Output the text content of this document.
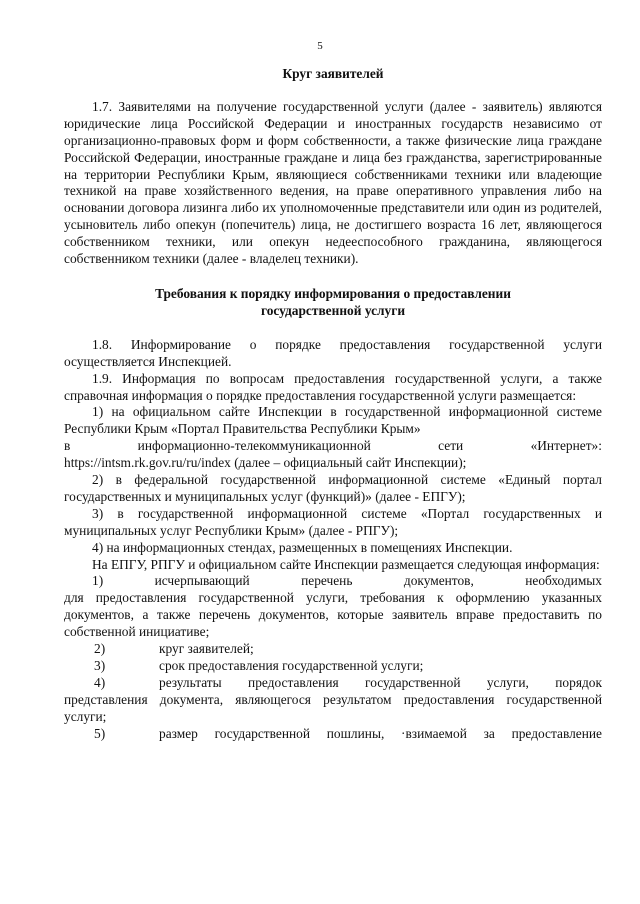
5

Круг заявителей

1.7. Заявителями на получение государственной услуги (далее - заявитель) являются юридические лица Российской Федерации и иностранных государств независимо от организационно-правовых форм и форм собственности, а также физические лица граждане Российской Федерации, иностранные граждане и лица без гражданства, зарегистрированные на территории Республики Крым, являющиеся собственниками техники или владеющие техникой на праве хозяйственного ведения, на праве оперативного управления либо на основании договора лизинга либо их уполномоченные представители или один из родителей, усыновитель либо опекун (попечитель) лица, не достигшего возраста 16 лет, являющегося собственником техники, или опекун недееспособного гражданина, являющегося собственником техники (далее - владелец техники).

Требования к порядку информирования о предоставлении

государственной услуги

1.8. Информирование о порядке предоставления государственной услуги осуществляется Инспекцией.

1.9. Информация по вопросам предоставления государственной услуги, а также справочная информация о порядке предоставления государственной услуги размещается:

1) на официальном сайте Инспекции в государственной информационной системе Республики Крым «Портал Правительства Республики Крым»

в	информационно-телекоммуникационной	сети	«Интернет»:

https://intsm.rk.gov.ru/ru/index (далее – официальный сайт Инспекции);

2) в федеральной государственной информационной системе «Единый портал государственных и муниципальных услуг (функций)» (далее - ЕПГУ);

3) в государственной информационной системе «Портал государственных и муниципальных услуг Республики Крым» (далее - РПГУ);

4) на информационных стендах, размещенных в помещениях Инспекции.

На ЕПГУ, РПГУ и официальном сайте Инспекции размещается следующая информация:

1)	исчерпывающий	перечень	документов,	необходимых

для предоставления государственной услуги, требования к оформлению указанных документов, а также перечень документов, которые заявитель вправе предоставить по собственной инициативе;

2)	круг заявителей;
3)	срок предоставления государственной услуги;
4)	результаты предоставления государственной услуги, порядок

представления документа, являющегося результатом предоставления государственной услуги;

5)	размер государственной пошлины, ·взимаемой за предоставление
